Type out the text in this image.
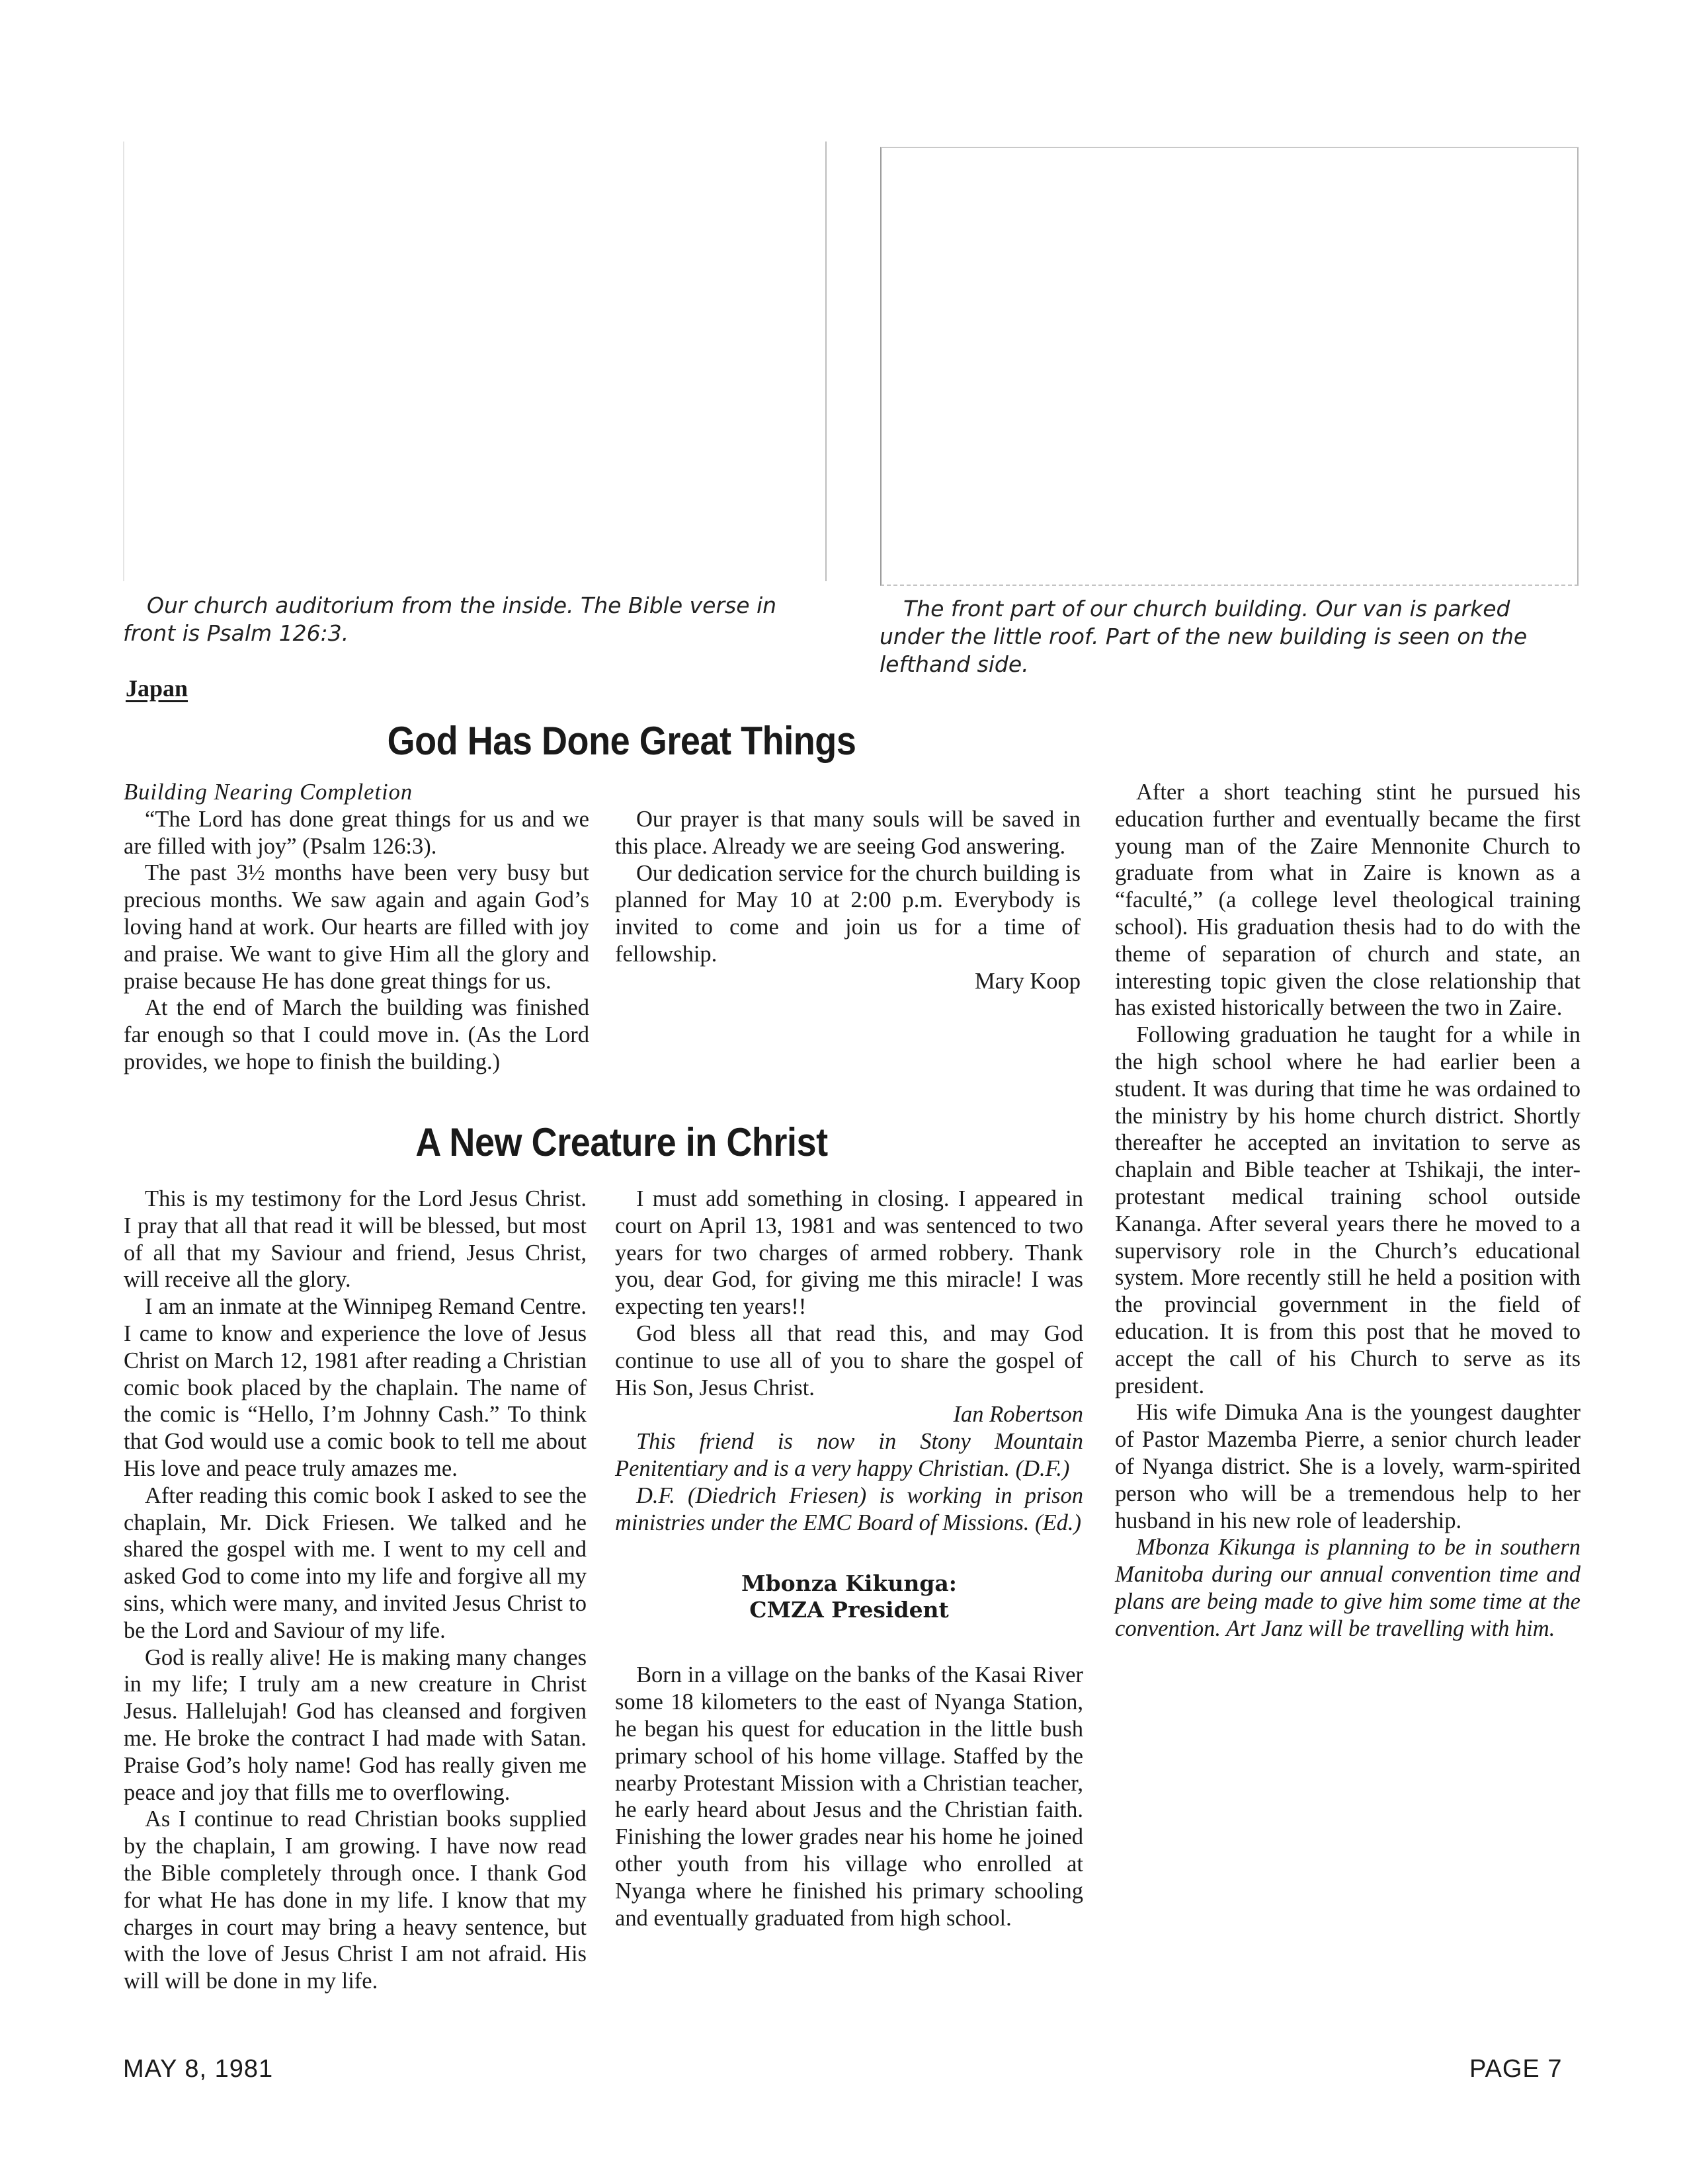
Our church auditorium from the inside. The Bible verse in front is Psalm 126:3.
The front part of our church building. Our van is parked under the little roof. Part of the new building is seen on the lefthand side.
Japan
God Has Done Great Things

Building Nearing Completion

“The Lord has done great things for us and we are filled with joy” (Psalm 126:3).

The past 3½ months have been very busy but precious months. We saw again and again God’s loving hand at work. Our hearts are filled with joy and praise. We want to give Him all the glory and praise because He has done great things for us.

At the end of March the building was finished far enough so that I could move in. (As the Lord provides, we hope to finish the building.)

Our prayer is that many souls will be saved in this place. Already we are seeing God answering.

Our dedication service for the church building is planned for May 10 at 2:00 p.m. Everybody is invited to come and join us for a time of fellowship.

Mary Koop

A New Creature in Christ

This is my testimony for the Lord Jesus Christ. I pray that all that read it will be blessed, but most of all that my Saviour and friend, Jesus Christ, will receive all the glory.

I am an inmate at the Winnipeg Remand Centre. I came to know and experience the love of Jesus Christ on March 12, 1981 after reading a Christian comic book placed by the chaplain. The name of the comic is “Hello, I’m Johnny Cash.” To think that God would use a comic book to tell me about His love and peace truly amazes me.

After reading this comic book I asked to see the chaplain, Mr. Dick Friesen. We talked and he shared the gospel with me. I went to my cell and asked God to come into my life and forgive all my sins, which were many, and invited Jesus Christ to be the Lord and Saviour of my life.

God is really alive! He is making many changes in my life; I truly am a new creature in Christ Jesus. Hallelujah! God has cleansed and forgiven me. He broke the contract I had made with Satan. Praise God’s holy name! God has really given me peace and joy that fills me to overflowing.

As I continue to read Christian books supplied by the chaplain, I am growing. I have now read the Bible completely through once. I thank God for what He has done in my life. I know that my charges in court may bring a heavy sentence, but with the love of Jesus Christ I am not afraid. His will will be done in my life.

I must add something in closing. I appeared in court on April 13, 1981 and was sentenced to two years for two charges of armed robbery. Thank you, dear God, for giving me this miracle! I was expecting ten years!!

God bless all that read this, and may God continue to use all of you to share the gospel of His Son, Jesus Christ.

Ian Robertson

This friend is now in Stony Mountain Penitentiary and is a very happy Christian. (D.F.)

D.F. (Diedrich Friesen) is working in prison ministries under the EMC Board of Missions. (Ed.)

Mbonza Kikunga:
CMZA President

Born in a village on the banks of the Kasai River some 18 kilometers to the east of Nyanga Station, he began his quest for education in the little bush primary school of his home village. Staffed by the nearby Protestant Mission with a Christian teacher, he early heard about Jesus and the Christian faith. Finishing the lower grades near his home he joined other youth from his village who enrolled at Nyanga where he finished his primary schooling and eventually graduated from high school.

After a short teaching stint he pursued his education further and eventually became the first young man of the Zaire Mennonite Church to graduate from what in Zaire is known as a “faculté,” (a college level theological training school). His graduation thesis had to do with the theme of separation of church and state, an interesting topic given the close relationship that has existed historically between the two in Zaire.

Following graduation he taught for a while in the high school where he had earlier been a student. It was during that time he was ordained to the ministry by his home church district. Shortly thereafter he accepted an invitation to serve as chaplain and Bible teacher at Tshikaji, the inter-protestant medical training school outside Kananga. After several years there he moved to a supervisory role in the Church’s educational system. More recently still he held a position with the provincial government in the field of education. It is from this post that he moved to accept the call of his Church to serve as its president.

His wife Dimuka Ana is the youngest daughter of Pastor Mazemba Pierre, a senior church leader of Nyanga district. She is a lovely, warm-spirited person who will be a tremendous help to her husband in his new role of leadership.

Mbonza Kikunga is planning to be in southern Manitoba during our annual convention time and plans are being made to give him some time at the convention. Art Janz will be travelling with him.

MAY 8, 1981	PAGE 7
